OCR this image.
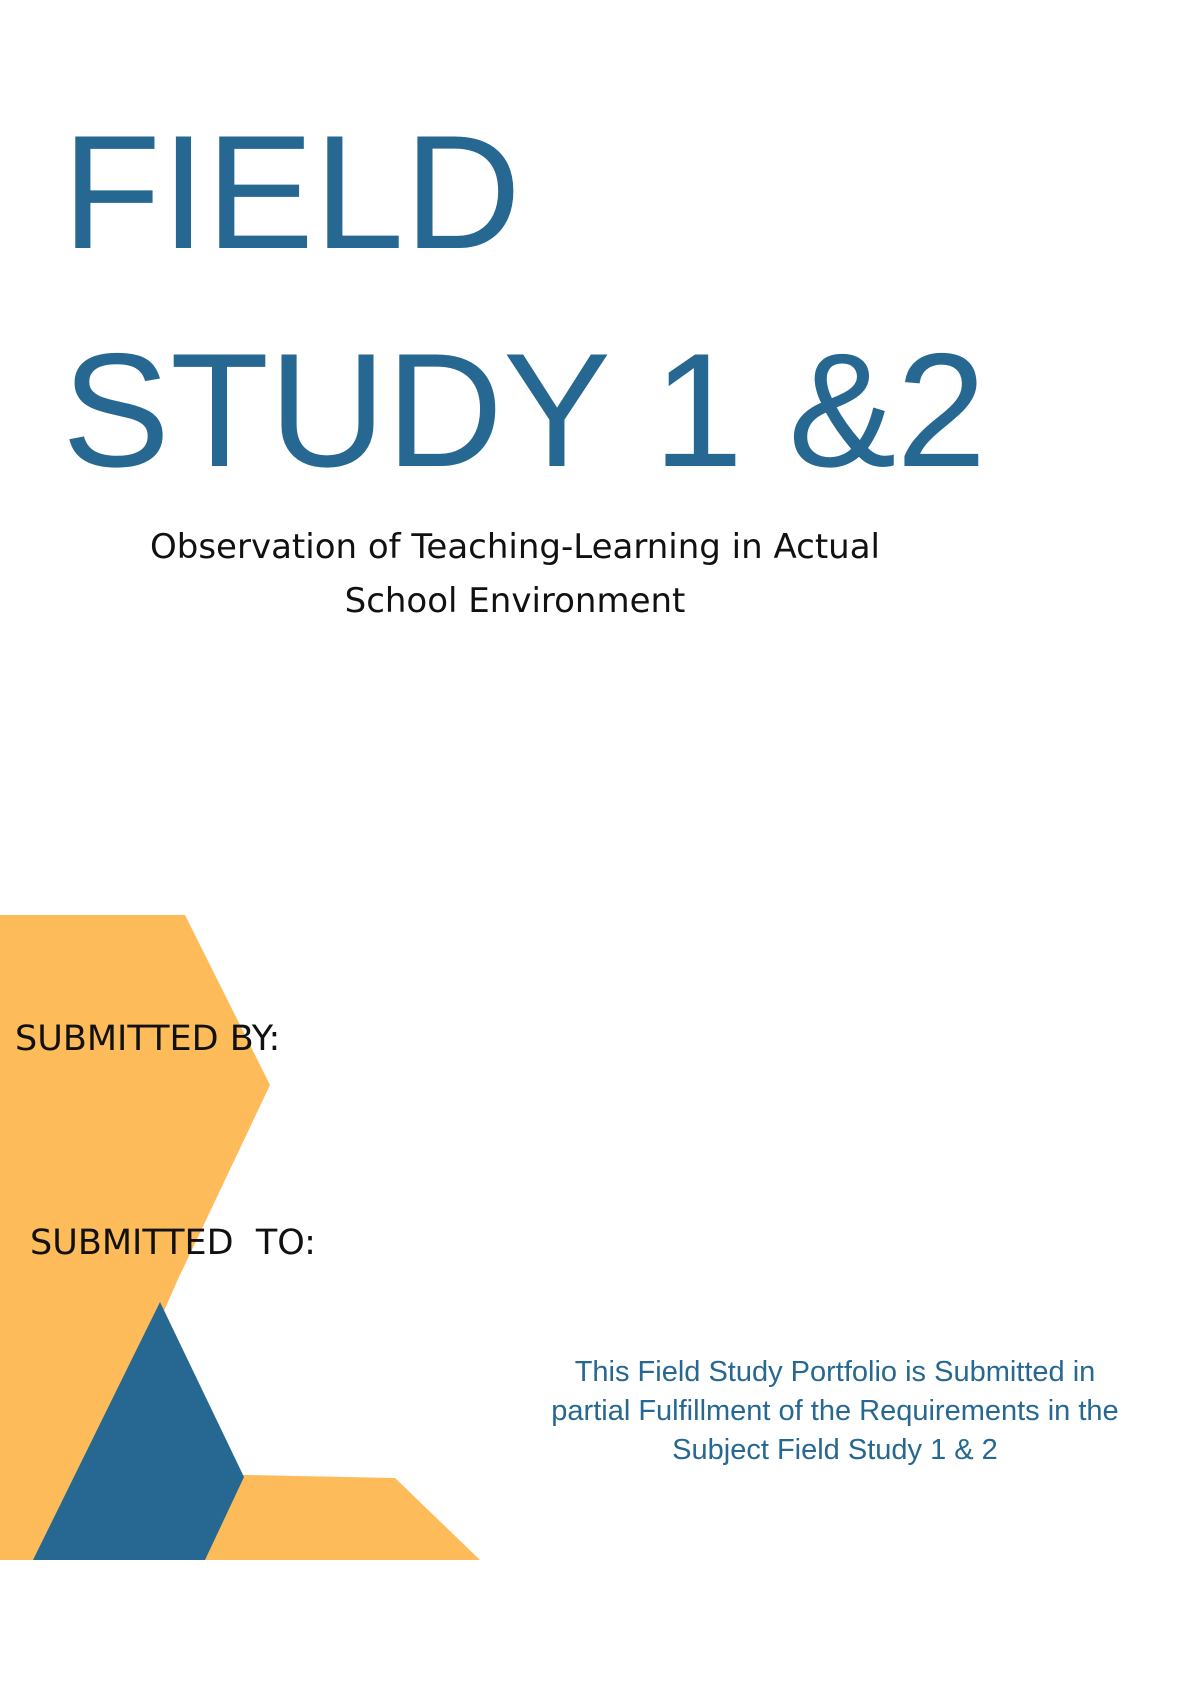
FIELD
STUDY 1 &2

Observation of Teaching-Learning in Actual
School Environment

SUBMITTED BY:

SUBMITTED  TO:

This Field Study Portfolio is Submitted in
partial Fulfillment of the Requirements in the
Subject Field Study 1 & 2
